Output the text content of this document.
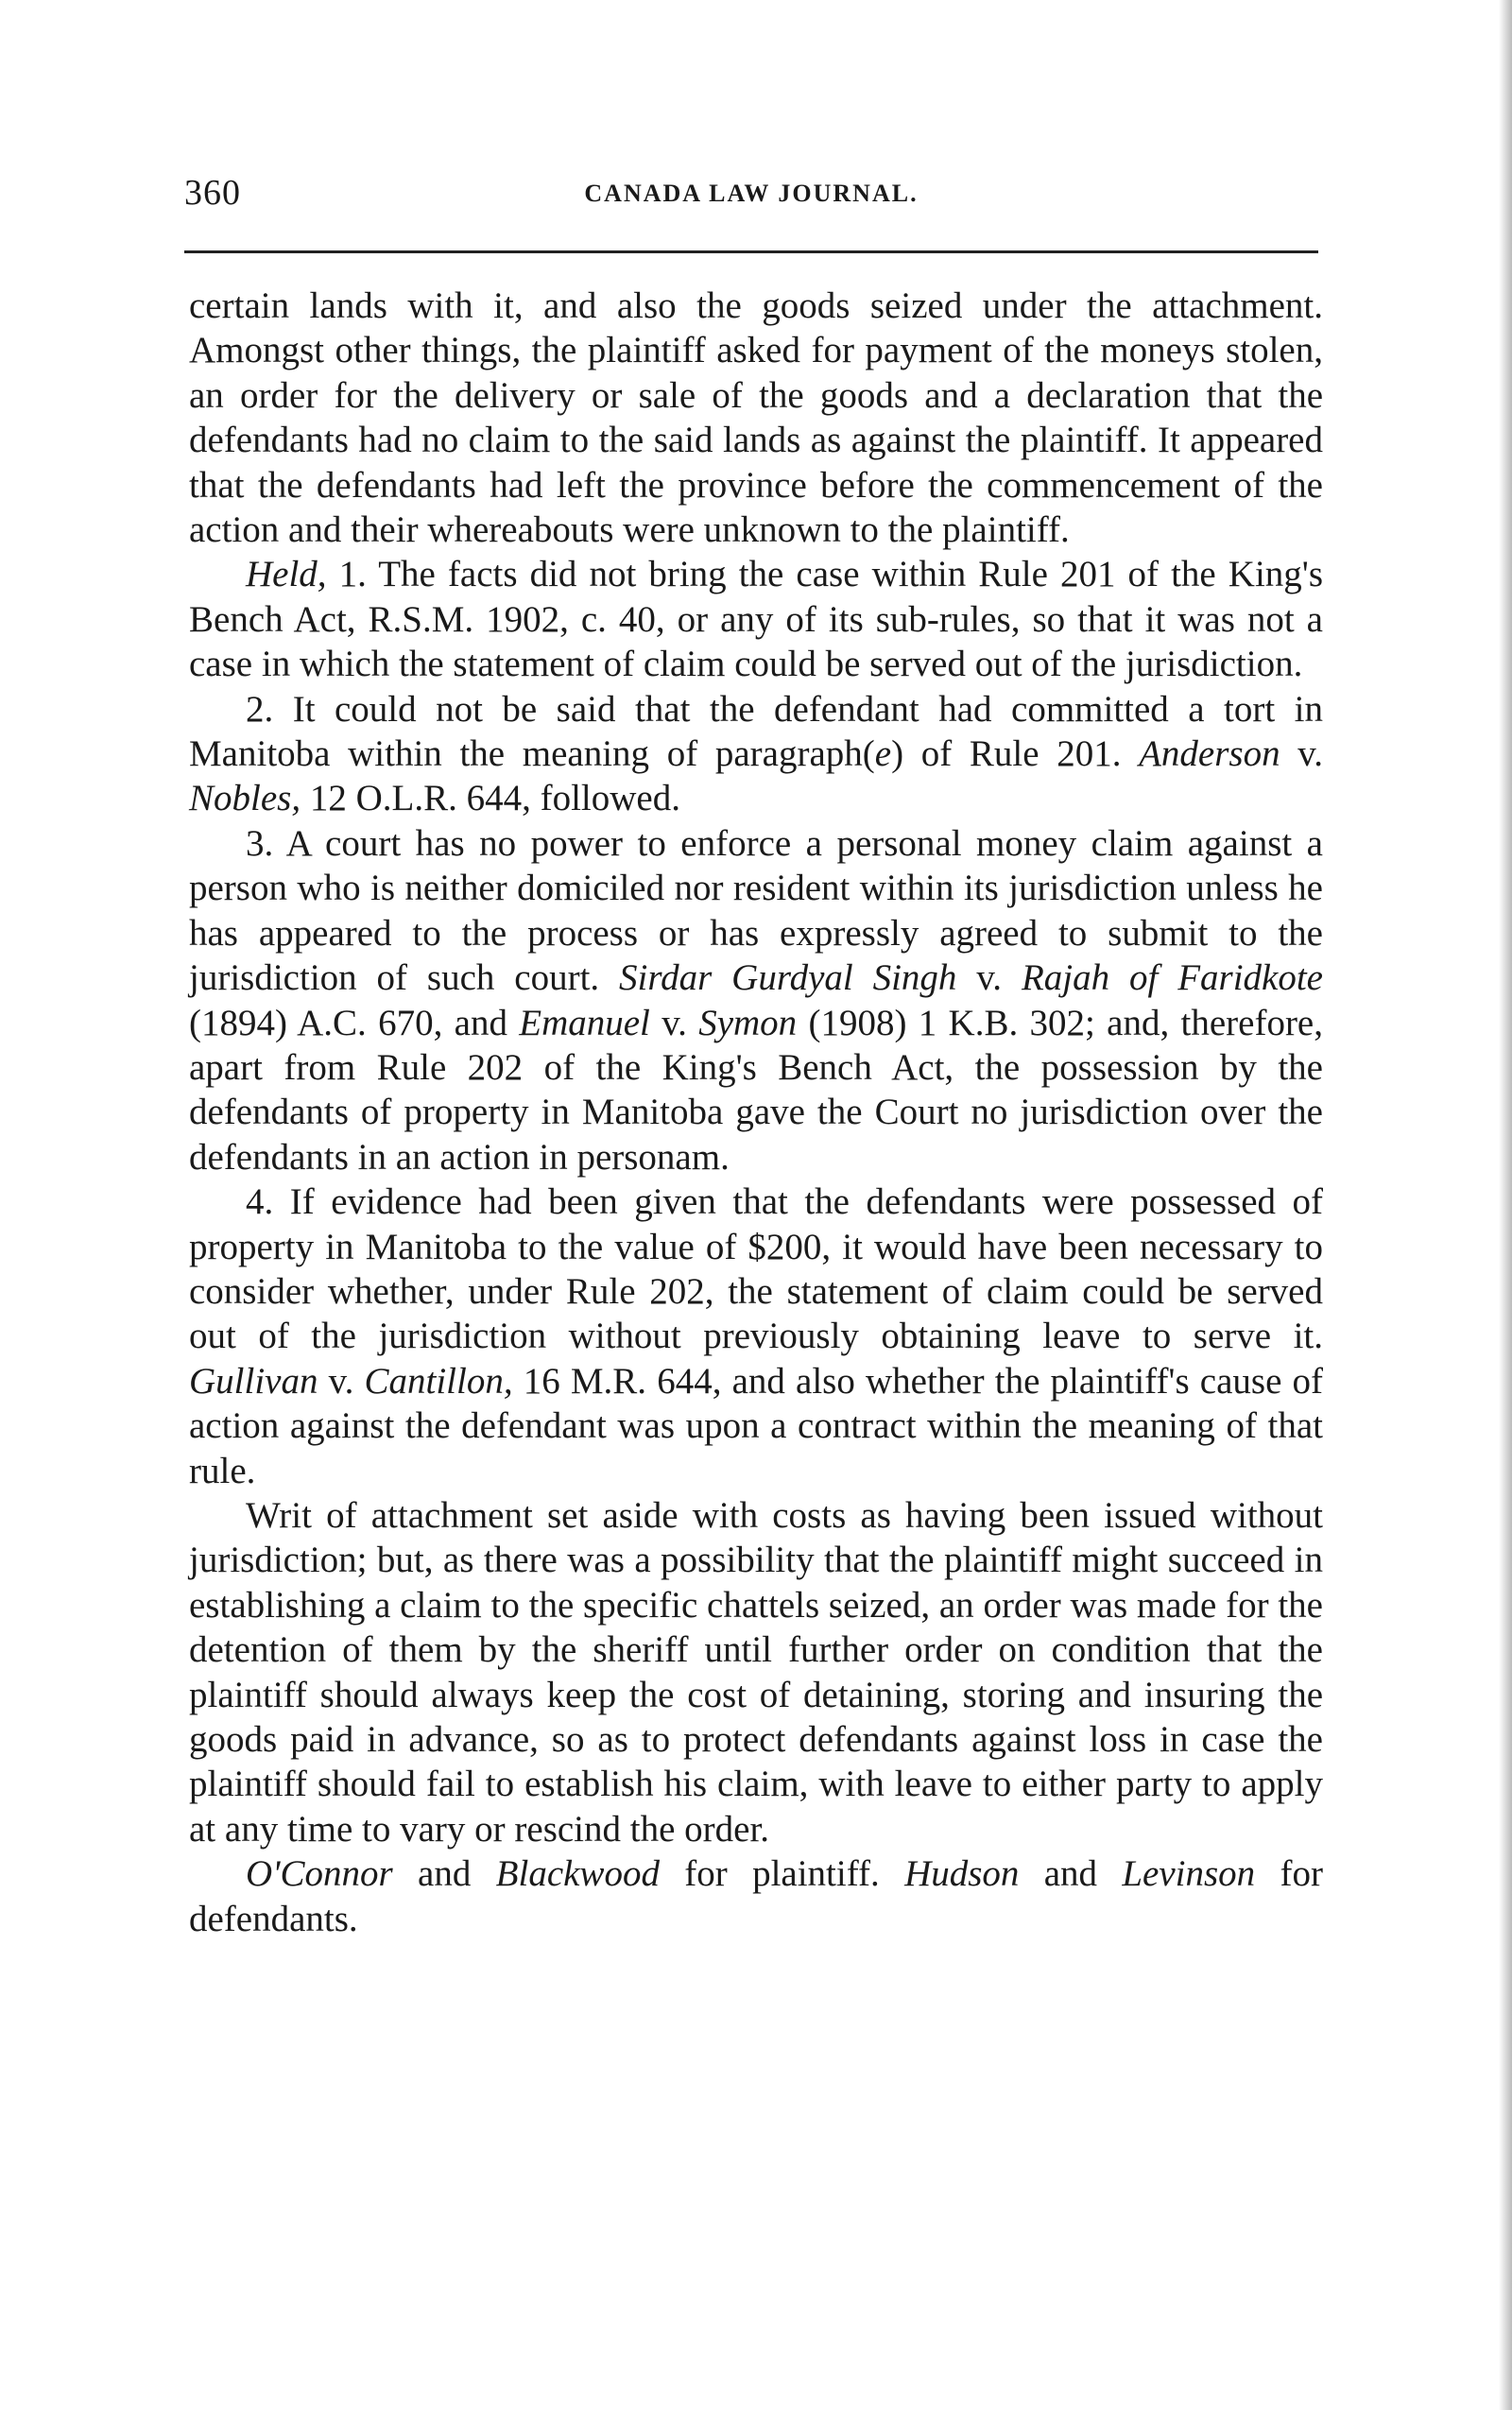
360	CANADA LAW JOURNAL.

certain lands with it, and also the goods seized under the attachment. Amongst other things, the plaintiff asked for payment of the moneys stolen, an order for the delivery or sale of the goods and a declaration that the defendants had no claim to the said lands as against the plaintiff. It appeared that the defendants had left the province before the commencement of the action and their whereabouts were unknown to the plaintiff.

Held, 1. The facts did not bring the case within Rule 201 of the King's Bench Act, R.S.M. 1902, c. 40, or any of its sub-rules, so that it was not a case in which the statement of claim could be served out of the jurisdiction.

2. It could not be said that the defendant had committed a tort in Manitoba within the meaning of paragraph(e) of Rule 201. Anderson v. Nobles, 12 O.L.R. 644, followed.

3. A court has no power to enforce a personal money claim against a person who is neither domiciled nor resident within its jurisdiction unless he has appeared to the process or has expressly agreed to submit to the jurisdiction of such court. Sirdar Gurdyal Singh v. Rajah of Faridkote (1894) A.C. 670, and Emanuel v. Symon (1908) 1 K.B. 302; and, therefore, apart from Rule 202 of the King's Bench Act, the possession by the defendants of property in Manitoba gave the Court no jurisdiction over the defendants in an action in personam.

4. If evidence had been given that the defendants were possessed of property in Manitoba to the value of $200, it would have been necessary to consider whether, under Rule 202, the statement of claim could be served out of the jurisdiction without previously obtaining leave to serve it. Gullivan v. Cantillon, 16 M.R. 644, and also whether the plaintiff's cause of action against the defendant was upon a contract within the meaning of that rule.

Writ of attachment set aside with costs as having been issued without jurisdiction; but, as there was a possibility that the plaintiff might succeed in establishing a claim to the specific chattels seized, an order was made for the detention of them by the sheriff until further order on condition that the plaintiff should always keep the cost of detaining, storing and insuring the goods paid in advance, so as to protect defendants against loss in case the plaintiff should fail to establish his claim, with leave to either party to apply at any time to vary or rescind the order.

O'Connor and Blackwood for plaintiff. Hudson and Levinson for defendants.
